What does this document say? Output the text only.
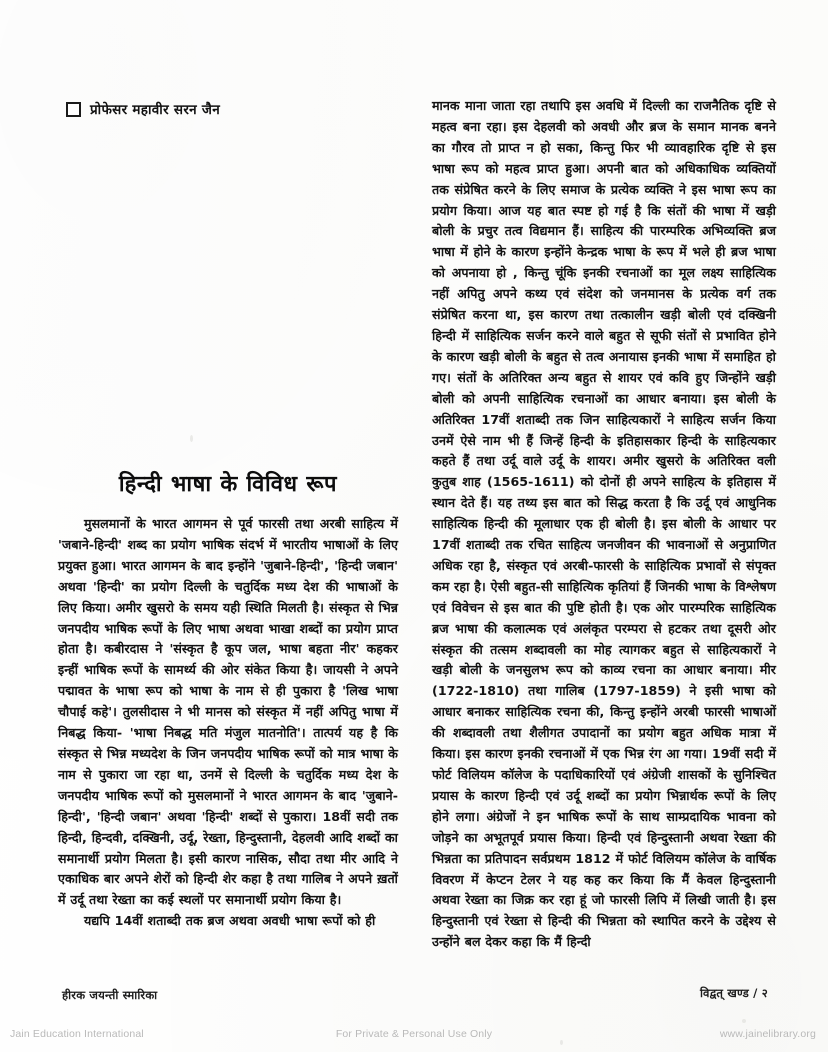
प्रोफेसर महावीर सरन जैन	मानक माना जाता रहा तथापि इस अवधि में दिल्ली का राजनैतिक दृष्टि से महत्व बना रहा। इस देहलवी को अवधी और ब्रज के समान मानक बनने का गौरव तो प्राप्त न हो सका, किन्तु फिर भी व्यावहारिक दृष्टि से इस भाषा रूप को महत्व प्राप्त हुआ। अपनी बात को अधिकाधिक व्यक्तियों तक संप्रेषित करने के लिए समाज के प्रत्येक व्यक्ति ने इस भाषा रूप का प्रयोग किया। आज यह बात स्पष्ट हो गई है कि संतों की भाषा में खड़ी बोली के प्रचुर तत्व विद्यमान हैं। साहित्य की पारम्परिक अभिव्यक्ति ब्रज भाषा में होने के कारण इन्होंने केन्द्रक भाषा के रूप में भले ही ब्रज भाषा को अपनाया हो , किन्तु चूंकि इनकी रचनाओं का मूल लक्ष्य साहित्यिक नहीं अपितु अपने कथ्य एवं संदेश को जनमानस के प्रत्येक वर्ग तक संप्रेषित करना था, इस कारण तथा तत्कालीन खड़ी बोली एवं दक्खिनी हिन्दी में साहित्यिक सर्जन करने वाले बहुत से सूफी संतों से प्रभावित होने के कारण खड़ी बोली के बहुत से तत्व अनायास इनकी भाषा में समाहित हो गए। संतों के अतिरिक्त अन्य बहुत से शायर एवं कवि हुए जिन्होंने खड़ी बोली को अपनी साहित्यिक रचनाओं का आधार बनाया। इस बोली के अतिरिक्त 17वीं शताब्दी तक जिन साहित्यकारों ने साहित्य सर्जन किया उनमें ऐसे नाम भी हैं जिन्हें हिन्दी के इतिहासकार हिन्दी के साहित्यकार कहते हैं तथा उर्दू वाले उर्दू के शायर। अमीर खुसरो के अतिरिक्त वली कुतुब शाह (1565-1611) को दोनों ही अपने साहित्य के इतिहास में स्थान देते हैं। यह तथ्य इस बात को सिद्ध करता है कि उर्दू एवं आधुनिक साहित्यिक हिन्दी की मूलाधार एक ही बोली है। इस बोली के आधार पर 17वीं शताब्दी तक रचित साहित्य जनजीवन की भावनाओं से अनुप्राणित अधिक रहा है, संस्कृत एवं अरबी-फारसी के साहित्यिक प्रभावों से संपृक्त कम रहा है। ऐसी बहुत-सी साहित्यिक कृतियां हैं जिनकी भाषा के विश्लेषण एवं विवेचन से इस बात की पुष्टि होती है। एक ओर पारम्परिक साहित्यिक ब्रज भाषा की कलात्मक एवं अलंकृत परम्परा से हटकर तथा दूसरी ओर संस्कृत की तत्सम शब्दावली का मोह त्यागकर बहुत से साहित्यकारों ने खड़ी बोली के जनसुलभ रूप को काव्य रचना का आधार बनाया। मीर (1722-1810) तथा गालिब (1797-1859) ने इसी भाषा को आधार बनाकर साहित्यिक रचना की, किन्तु इन्होंने अरबी फारसी भाषाओं की शब्दावली तथा शैलीगत उपादानों का प्रयोग बहुत अधिक मात्रा में किया। इस कारण इनकी रचनाओं में एक भिन्न रंग आ गया। 19वीं सदी में फोर्ट विलियम कॉलेज के पदाधिकारियों एवं अंग्रेजी शासकों के सुनिश्चित प्रयास के कारण हिन्दी एवं उर्दू शब्दों का प्रयोग भिन्नार्थक रूपों के लिए होने लगा। अंग्रेजों ने इन भाषिक रूपों के साथ साम्प्रदायिक भावना को जोड़ने का अभूतपूर्व प्रयास किया। हिन्दी एवं हिन्दुस्तानी अथवा रेख्ता की भिन्नता का प्रतिपादन सर्वप्रथम 1812 में फोर्ट विलियम कॉलेज के वार्षिक विवरण में केप्टन टेलर ने यह कह कर किया कि मैं केवल हिन्दुस्तानी अथवा रेख्ता का जिक्र कर रहा हूं जो फारसी लिपि में लिखी जाती है। इस हिन्दुस्तानी एवं रेख्ता से हिन्दी की भिन्नता को स्थापित करने के उद्देश्य से उन्होंने बल देकर कहा कि मैं हिन्दी

हिन्दी भाषा के विविध रूप

मुसलमानों के भारत आगमन से पूर्व फारसी तथा अरबी साहित्य में 'जबाने-हिन्दी' शब्द का प्रयोग भाषिक संदर्भ में भारतीय भाषाओं के लिए प्रयुक्त हुआ। भारत आगमन के बाद इन्होंने 'जुबाने-हिन्दी', 'हिन्दी जबान' अथवा 'हिन्दी' का प्रयोग दिल्ली के चतुर्दिक मध्य देश की भाषाओं के लिए किया। अमीर खुसरो के समय यही स्थिति मिलती है। संस्कृत से भिन्न जनपदीय भाषिक रूपों के लिए भाषा अथवा भाखा शब्दों का प्रयोग प्राप्त होता है। कबीरदास ने 'संस्कृत है कूप जल, भाषा बहता नीर' कहकर इन्हीं भाषिक रूपों के सामर्थ्य की ओर संकेत किया है। जायसी ने अपने पद्मावत के भाषा रूप को भाषा के नाम से ही पुकारा है 'लिख भाषा चौपाई कहे'। तुलसीदास ने भी मानस को संस्कृत में नहीं अपितु भाषा में निबद्ध किया- 'भाषा निबद्ध मति मंजुल मातनोति'। तात्पर्य यह है कि संस्कृत से भिन्न मध्यदेश के जिन जनपदीय भाषिक रूपों को मात्र भाषा के नाम से पुकारा जा रहा था, उनमें से दिल्ली के चतुर्दिक मध्य देश के जनपदीय भाषिक रूपों को मुसलमानों ने भारत आगमन के बाद 'जुबाने-हिन्दी', 'हिन्दी जबान' अथवा 'हिन्दी' शब्दों से पुकारा। 18वीं सदी तक हिन्दी, हिन्दवी, दक्खिनी, उर्दू, रेख्ता, हिन्दुस्तानी, देहलवी आदि शब्दों का समानार्थी प्रयोग मिलता है। इसी कारण नासिक, सौदा तथा मीर आदि ने एकाधिक बार अपने शेरों को हिन्दी शेर कहा है तथा गालिब ने अपने ख़तों में उर्दू तथा रेख्ता का कई स्थलों पर समानार्थी प्रयोग किया है।

यद्यपि 14वीं शताब्दी तक ब्रज अथवा अवधी भाषा रूपों को ही

हीरक जयन्ती स्मारिका	विद्वत् खण्ड / २
Jain Education International	For Private & Personal Use Only	www.jainelibrary.org
